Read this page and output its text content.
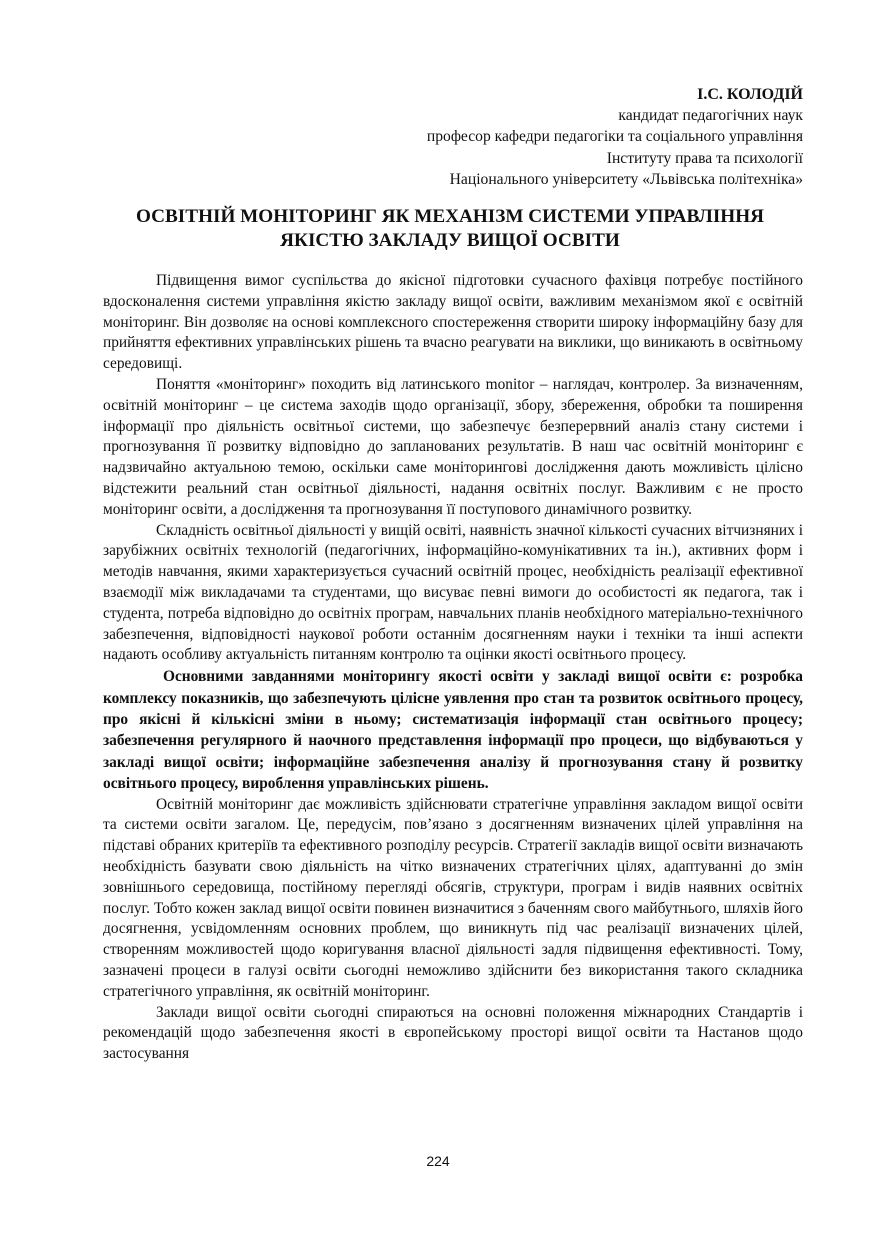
І.С. КОЛОДІЙ
кандидат педагогічних наук
професор кафедри педагогіки та соціального управління
Інституту права та психології
Національного університету «Львівська політехніка»
ОСВІТНІЙ МОНІТОРИНГ ЯК МЕХАНІЗМ СИСТЕМИ УПРАВЛІННЯ ЯКІСТЮ ЗАКЛАДУ ВИЩОЇ ОСВІТИ

Підвищення вимог суспільства до якісної підготовки сучасного фахівця потребує постійного вдосконалення системи управління якістю закладу вищої освіти, важливим механізмом якої є освітній моніторинг. Він дозволяє на основі комплексного спостереження створити широку інформаційну базу для прийняття ефективних управлінських рішень та вчасно реагувати на виклики, що виникають в освітньому середовищі.

Поняття «моніторинг» походить від латинського monitor – наглядач, контролер. За визначенням, освітній моніторинг – це система заходів щодо організації, збору, збереження, обробки та поширення інформації про діяльність освітньої системи, що забезпечує безперервний аналіз стану системи і прогнозування її розвитку відповідно до запланованих результатів. В наш час освітній моніторинг є надзвичайно актуальною темою, оскільки саме моніторингові дослідження дають можливість цілісно відстежити реальний стан освітньої діяльності, надання освітніх послуг. Важливим є не просто моніторинг освіти, а дослідження та прогнозування її поступового динамічного розвитку.

Складність освітньої діяльності у вищій освіті, наявність значної кількості сучасних вітчизняних і зарубіжних освітніх технологій (педагогічних, інформаційно-комунікативних та ін.), активних форм і методів навчання, якими характеризується сучасний освітній процес, необхідність реалізації ефективної взаємодії між викладачами та студентами, що висуває певні вимоги до особистості як педагога, так і студента, потреба відповідно до освітніх програм, навчальних планів необхідного матеріально-технічного забезпечення, відповідності наукової роботи останнім досягненням науки і техніки та інші аспекти надають особливу актуальність питанням контролю та оцінки якості освітнього процесу.

Основними завданнями моніторингу якості освіти у закладі вищої освіти є: розробка комплексу показників, що забезпечують цілісне уявлення про стан та розвиток освітнього процесу, про якісні й кількісні зміни в ньому; систематизація інформації стан освітнього процесу; забезпечення регулярного й наочного представлення інформації про процеси, що відбуваються у закладі вищої освіти; інформаційне забезпечення аналізу й прогнозування стану й розвитку освітнього процесу, вироблення управлінських рішень.

Освітній моніторинг дає можливість здійснювати стратегічне управління закладом вищої освіти та системи освіти загалом. Це, передусім, пов’язано з досягненням визначених цілей управління на підставі обраних критеріїв та ефективного розподілу ресурсів. Стратегії закладів вищої освіти визначають необхідність базувати свою діяльність на чітко визначених стратегічних цілях, адаптуванні до змін зовнішнього середовища, постійному перегляді обсягів, структури, програм і видів наявних освітніх послуг. Тобто кожен заклад вищої освіти повинен визначитися з баченням свого майбутнього, шляхів його досягнення, усвідомленням основних проблем, що виникнуть під час реалізації визначених цілей, створенням можливостей щодо коригування власної діяльності задля підвищення ефективності. Тому, зазначені процеси в галузі освіти сьогодні неможливо здійснити без використання такого складника стратегічного управління, як освітній моніторинг.

Заклади вищої освіти сьогодні спираються на основні положення міжнародних Стандартів і рекомендацій щодо забезпечення якості в європейському просторі вищої освіти та Настанов щодо застосування

224
